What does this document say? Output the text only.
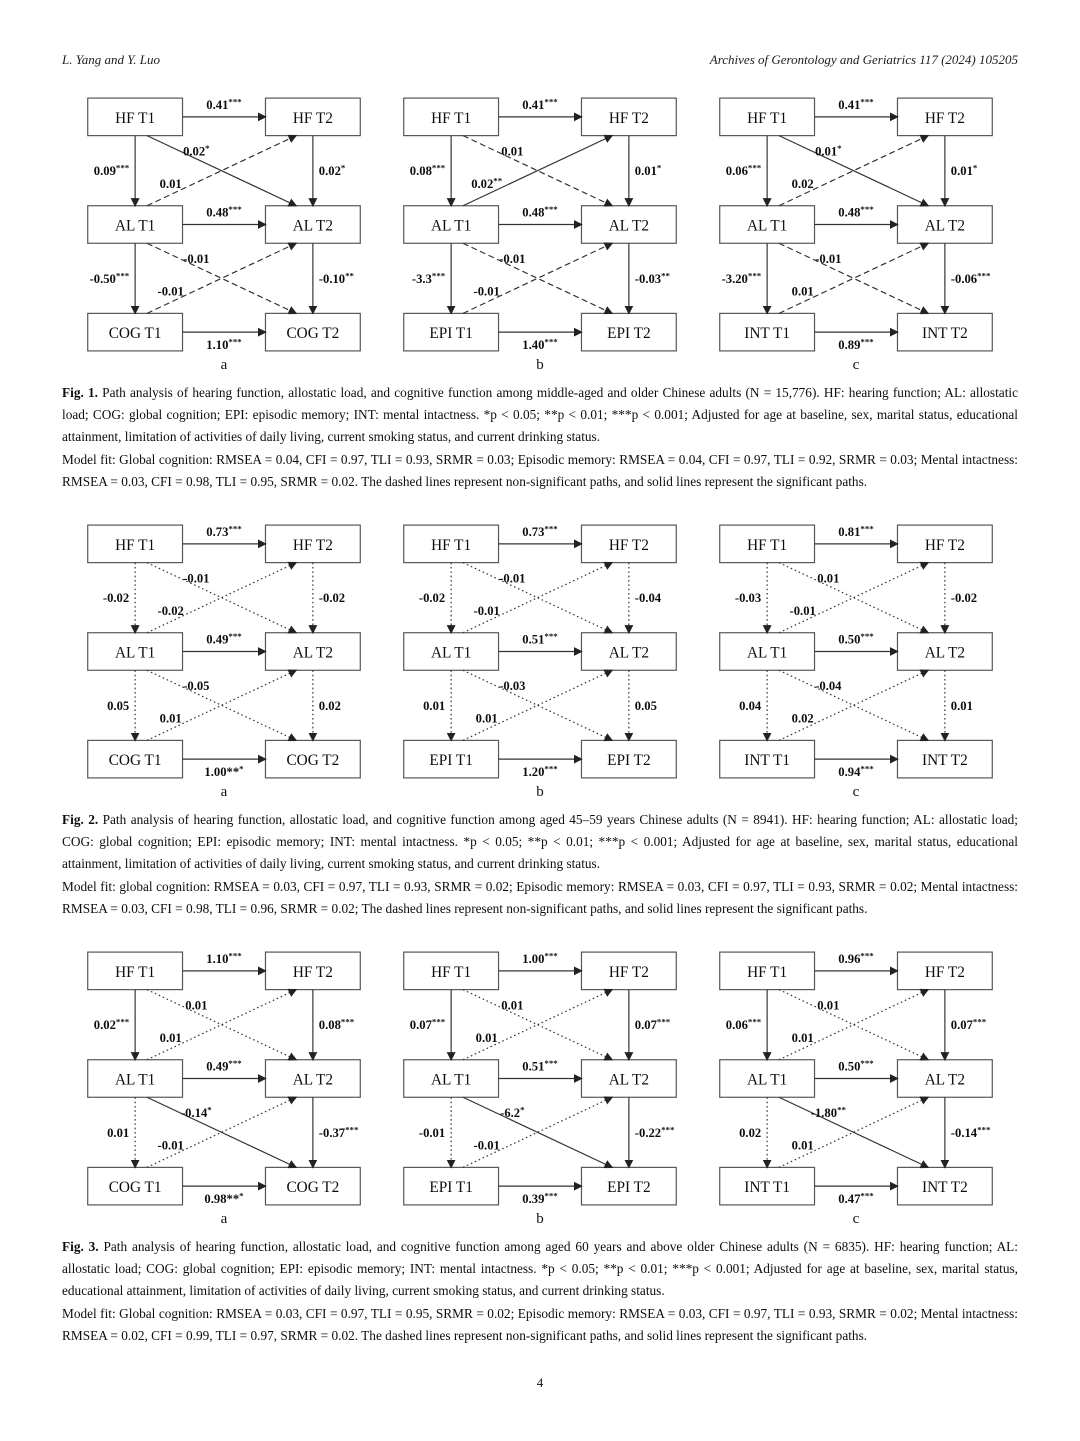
L. Yang and Y. Luo	Archives of Gerontology and Geriatrics 117 (2024) 105205
HF T1	HF T2
AL T1	AL T2
COG T1	COG T2
0.41***
0.09***
0.02*
0.01
0.02*
0.48***
-0.50***
-0.01
-0.01
-0.10**
1.10***
a
HF T1	HF T2
AL T1	AL T2
EPI T1	EPI T2
0.41***
0.08***
0.01
0.02**
0.01*
0.48***
-3.3***
-0.01
-0.01
-0.03**
1.40***
b
HF T1	HF T2
AL T1	AL T2
INT T1	INT T2
0.41***
0.06***
0.01*
0.02
0.01*
0.48***
-3.20***
-0.01
0.01
-0.06***
0.89***
c

Fig. 1. Path analysis of hearing function, allostatic load, and cognitive function among middle-aged and older Chinese adults (N = 15,776). HF: hearing function; AL: allostatic load; COG: global cognition; EPI: episodic memory; INT: mental intactness. *p < 0.05; **p < 0.01; ***p < 0.001; Adjusted for age at baseline, sex, marital status, educational attainment, limitation of activities of daily living, current smoking status, and current drinking status.

Model fit: Global cognition: RMSEA = 0.04, CFI = 0.97, TLI = 0.93, SRMR = 0.03; Episodic memory: RMSEA = 0.04, CFI = 0.97, TLI = 0.92, SRMR = 0.03; Mental intactness: RMSEA = 0.03, CFI = 0.98, TLI = 0.95, SRMR = 0.02. The dashed lines represent non-significant paths, and solid lines represent the significant paths.

HF T1	HF T2
AL T1	AL T2
COG T1	COG T2
0.73***
-0.02
-0.01
-0.02
-0.02
0.49***
0.05
-0.05
0.01
0.02
1.00***
a
HF T1	HF T2
AL T1	AL T2
EPI T1	EPI T2
0.73***
-0.02
-0.01
-0.01
-0.04
0.51***
0.01
-0.03
0.01
0.05
1.20***
b
HF T1	HF T2
AL T1	AL T2
INT T1	INT T2
0.81***
-0.03
0.01
-0.01
-0.02
0.50***
0.04
-0.04
0.02
0.01
0.94***
c

Fig. 2. Path analysis of hearing function, allostatic load, and cognitive function among aged 45–59 years Chinese adults (N = 8941). HF: hearing function; AL: allostatic load; COG: global cognition; EPI: episodic memory; INT: mental intactness. *p < 0.05; **p < 0.01; ***p < 0.001; Adjusted for age at baseline, sex, marital status, educational attainment, limitation of activities of daily living, current smoking status, and current drinking status.

Model fit: global cognition: RMSEA = 0.03, CFI = 0.97, TLI = 0.93, SRMR = 0.02; Episodic memory: RMSEA = 0.03, CFI = 0.97, TLI = 0.93, SRMR = 0.02; Mental intactness: RMSEA = 0.03, CFI = 0.98, TLI = 0.96, SRMR = 0.02; The dashed lines represent non-significant paths, and solid lines represent the significant paths.

HF T1	HF T2
AL T1	AL T2
COG T1	COG T2
1.10***
0.02***
0.01
0.01
0.08***
0.49***
0.01
-0.14*
-0.01
-0.37***
0.98***
a
HF T1	HF T2
AL T1	AL T2
EPI T1	EPI T2
1.00***
0.07***
0.01
0.01
0.07***
0.51***
-0.01
-6.2*
-0.01
-0.22***
0.39***
b
HF T1	HF T2
AL T1	AL T2
INT T1	INT T2
0.96***
0.06***
0.01
0.01
0.07***
0.50***
0.02
-1.80**
0.01
-0.14***
0.47***
c

Fig. 3. Path analysis of hearing function, allostatic load, and cognitive function among aged 60 years and above older Chinese adults (N = 6835). HF: hearing function; AL: allostatic load; COG: global cognition; EPI: episodic memory; INT: mental intactness. *p < 0.05; **p < 0.01; ***p < 0.001; Adjusted for age at baseline, sex, marital status, educational attainment, limitation of activities of daily living, current smoking status, and current drinking status.

Model fit: Global cognition: RMSEA = 0.03, CFI = 0.97, TLI = 0.95, SRMR = 0.02; Episodic memory: RMSEA = 0.03, CFI = 0.97, TLI = 0.93, SRMR = 0.02; Mental intactness: RMSEA = 0.02, CFI = 0.99, TLI = 0.97, SRMR = 0.02. The dashed lines represent non-significant paths, and solid lines represent the significant paths.

4
